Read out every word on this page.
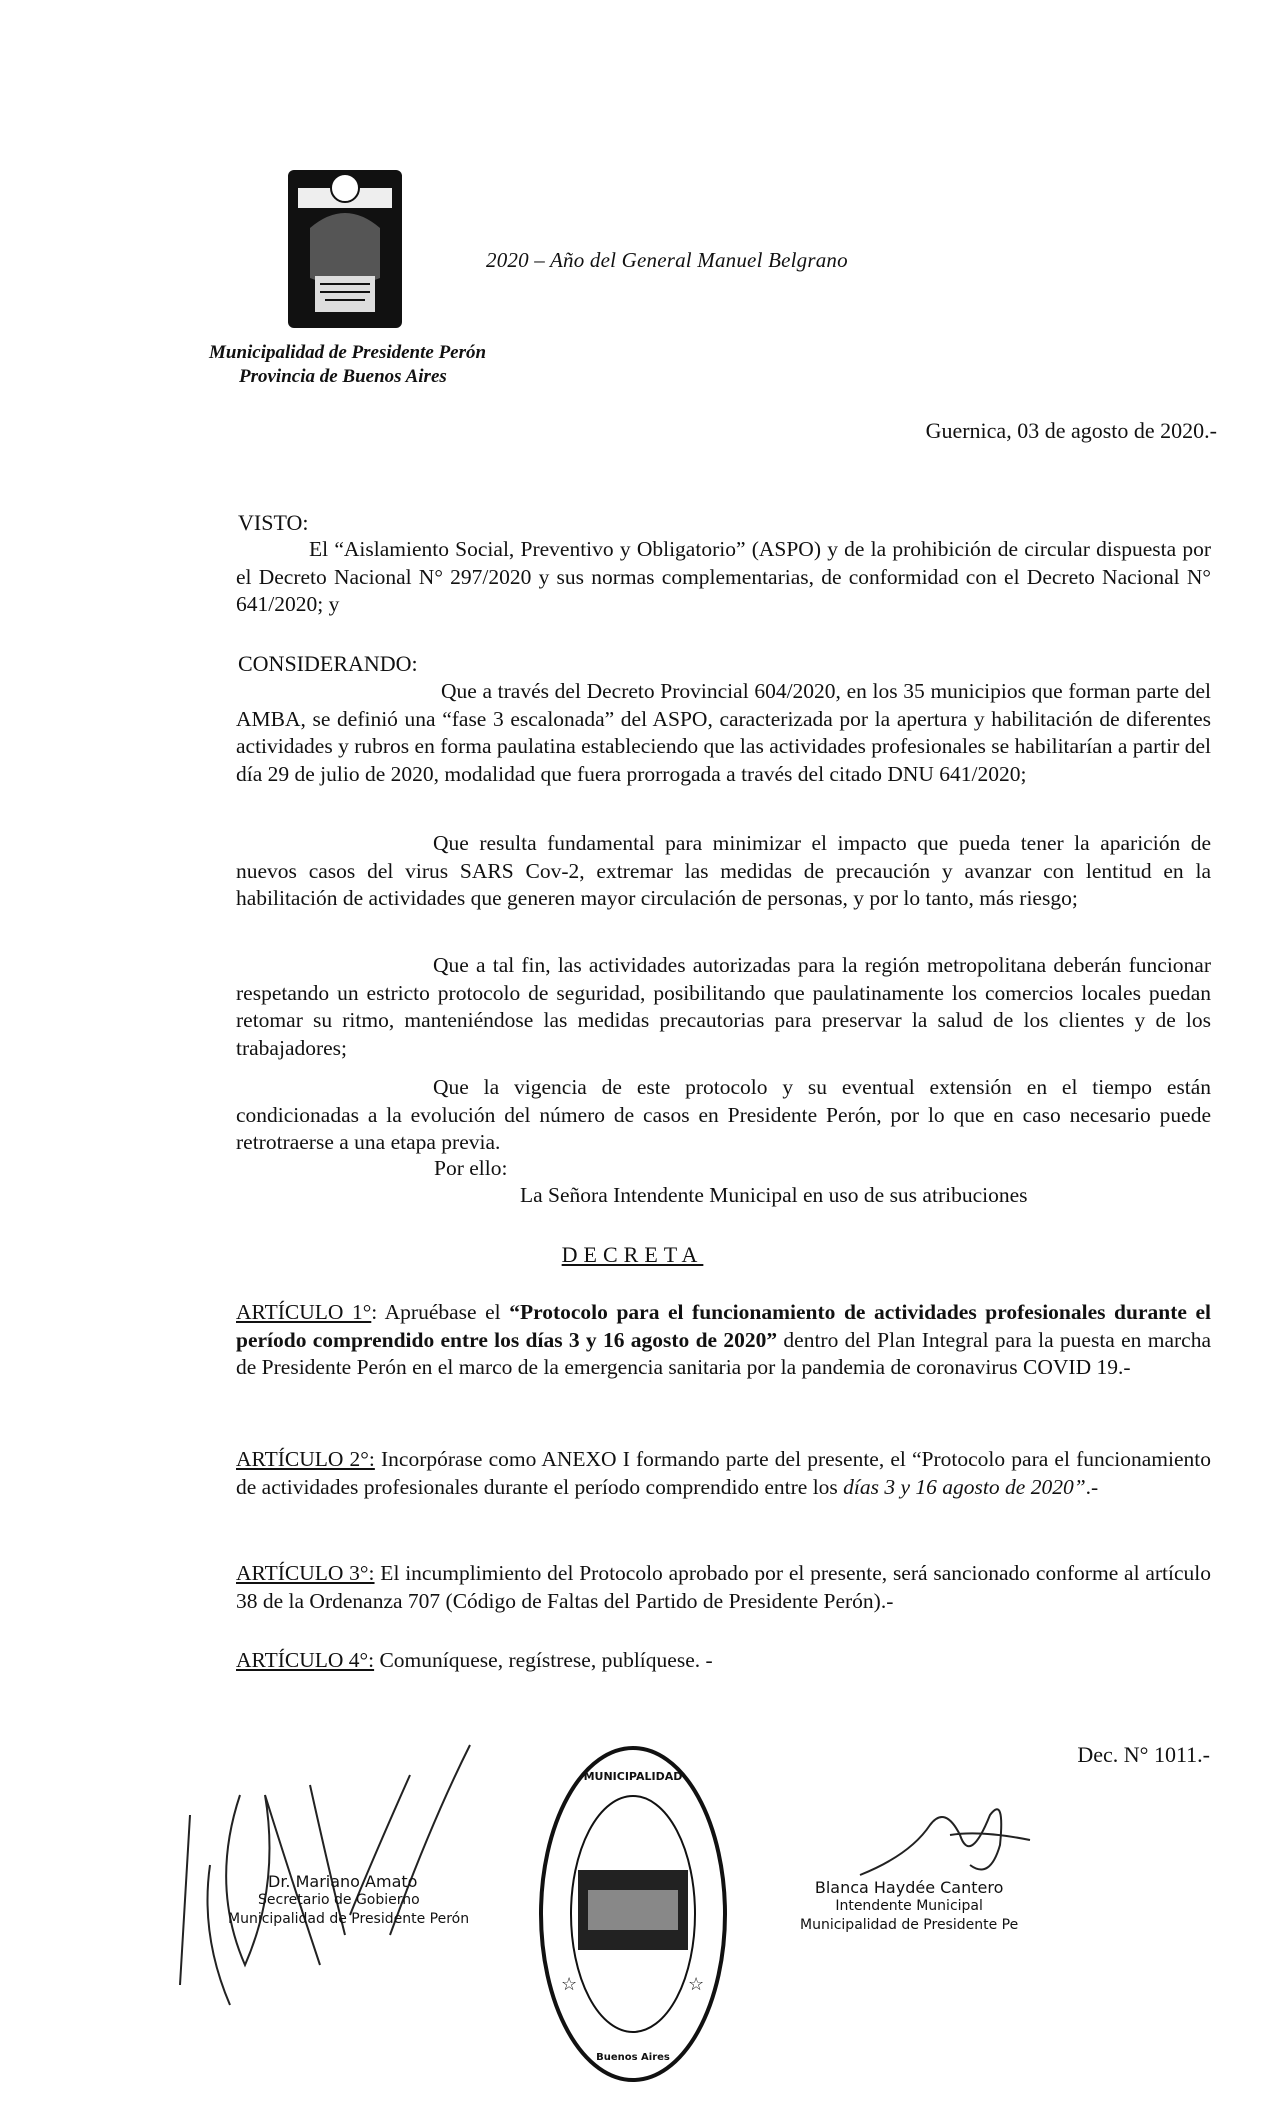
2020 – Año del General Manuel Belgrano
Municipalidad de Presidente Perón
Provincia de Buenos Aires
Guernica, 03 de agosto de 2020.-
VISTO:
El “Aislamiento Social, Preventivo y Obligatorio” (ASPO) y de la prohibición de circular dispuesta por el Decreto Nacional N° 297/2020 y sus normas complementarias, de conformidad con el Decreto Nacional N° 641/2020; y
CONSIDERANDO:
Que a través del Decreto Provincial 604/2020, en los 35 municipios que forman parte del AMBA, se definió una “fase 3 escalonada” del ASPO, caracterizada por la apertura y habilitación de diferentes actividades y rubros en forma paulatina estableciendo que las actividades profesionales se habilitarían a partir del día 29 de julio de 2020, modalidad que fuera prorrogada a través del citado DNU 641/2020;
Que resulta fundamental para minimizar el impacto que pueda tener la aparición de nuevos casos del virus SARS Cov-2, extremar las medidas de precaución y avanzar con lentitud en la habilitación de actividades que generen mayor circulación de personas, y por lo tanto, más riesgo;
Que a tal fin, las actividades autorizadas para la región metropolitana deberán funcionar respetando un estricto protocolo de seguridad, posibilitando que paulatinamente los comercios locales puedan retomar su ritmo, manteniéndose las medidas precautorias para preservar la salud de los clientes y de los trabajadores;
Que la vigencia de este protocolo y su eventual extensión en el tiempo están condicionadas a la evolución del número de casos en Presidente Perón, por lo que en caso necesario puede retrotraerse a una etapa previa.
Por ello:
La Señora Intendente Municipal en uso de sus atribuciones
DECRETA
ARTÍCULO 1°: Apruébase el “Protocolo para el funcionamiento de actividades profesionales durante el período comprendido entre los días 3 y 16 agosto de 2020” dentro del Plan Integral para la puesta en marcha de Presidente Perón en el marco de la emergencia sanitaria por la pandemia de coronavirus COVID 19.-
ARTÍCULO 2°: Incorpórase como ANEXO I formando parte del presente, el “Protocolo para el funcionamiento de actividades profesionales durante el período comprendido entre los días 3 y 16 agosto de 2020”.-
ARTÍCULO 3°: El incumplimiento del Protocolo aprobado por el presente, será sancionado conforme al artículo 38 de la Ordenanza 707 (Código de Faltas del Partido de Presidente Perón).-
ARTÍCULO 4°: Comuníquese, regístrese, publíquese. -
Dec. N° 1011.-
Dr. Mariano Amato
Secretario de Gobierno
Municipalidad de Presidente Perón
MUNICIPALIDAD
Buenos Aires
☆	☆
Blanca Haydée Cantero
Intendente Municipal
Municipalidad de Presidente Pe
